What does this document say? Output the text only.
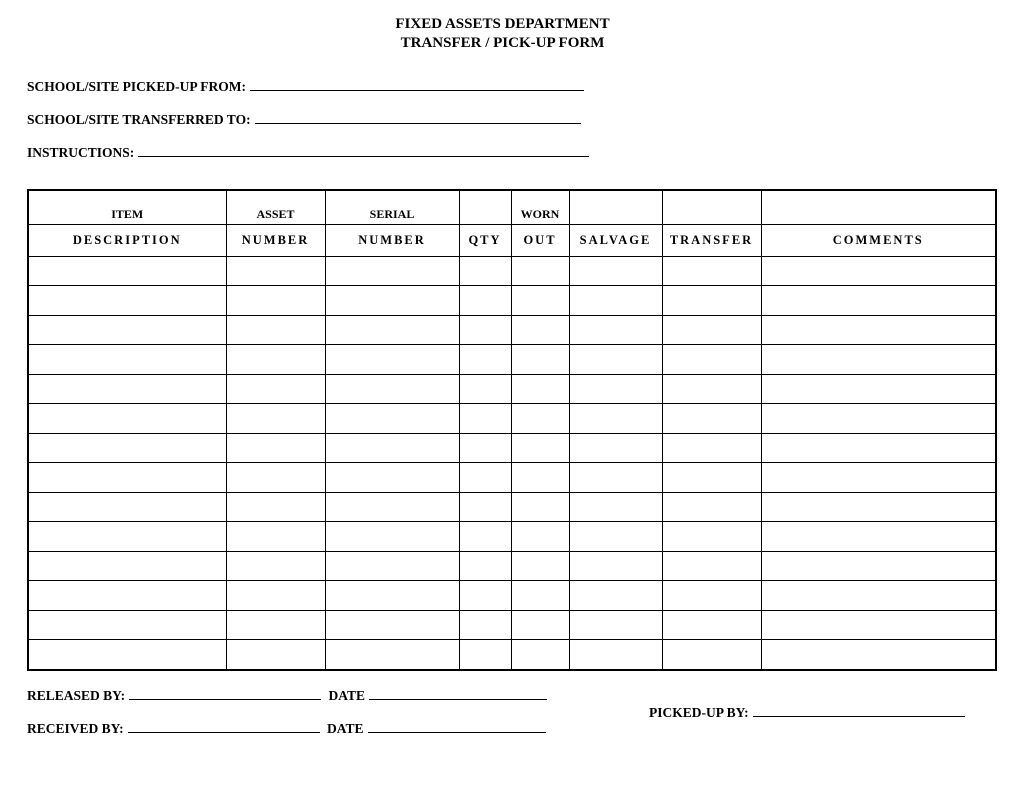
FIXED ASSETS DEPARTMENT
TRANSFER / PICK-UP FORM
SCHOOL/SITE PICKED-UP FROM:
SCHOOL/SITE TRANSFERRED TO:
INSTRUCTIONS:
ITEM	ASSET	SERIAL		WORN			
DESCRIPTION	NUMBER	NUMBER	QTY	OUT	SALVAGE	TRANSFER	COMMENTS

RELEASED BY:	DATE
RECEIVED BY:	DATE
PICKED-UP BY:
